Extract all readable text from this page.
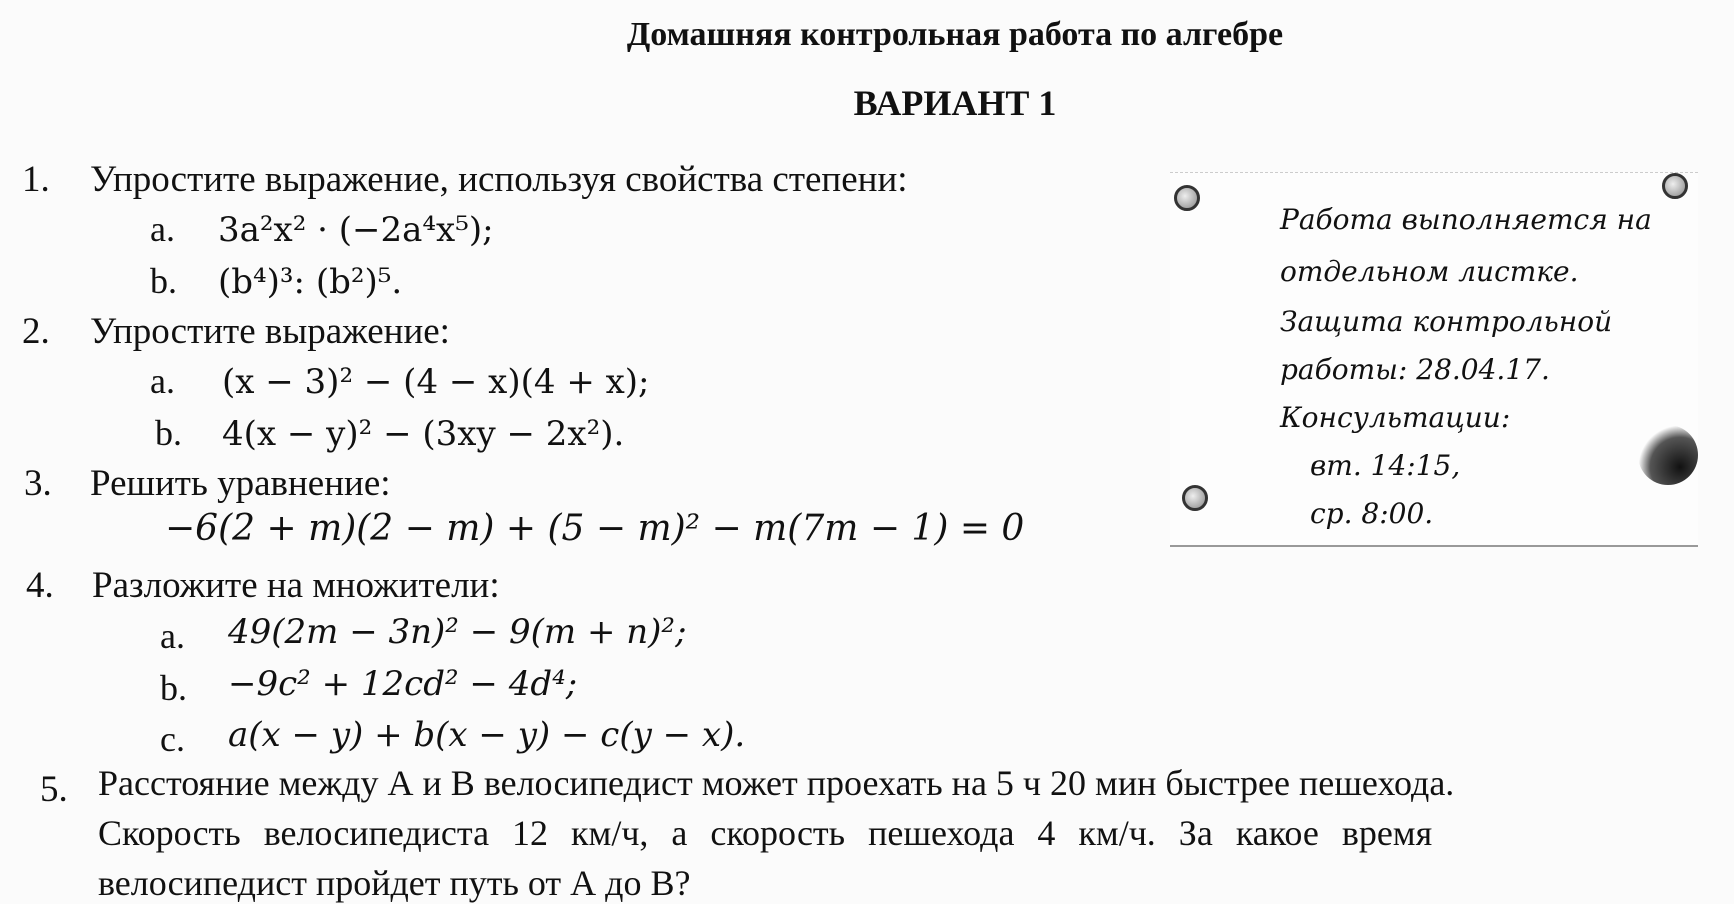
Домашняя контрольная работа по алгебре
ВАРИАНТ 1
1. Упростите выражение, используя свойства степени:
a. 3a²x² · (−2a⁴x⁵);
b. (b⁴)³: (b²)⁵.
2. Упростите выражение:
a. (x − 3)² − (4 − x)(4 + x);
b. 4(x − y)² − (3xy − 2x²).
3. Решить уравнение:
−6(2 + m)(2 − m) + (5 − m)² − m(7m − 1) = 0
4. Разложите на множители:
a. 49(2m − 3n)² − 9(m + n)²;
b. −9c² + 12cd² − 4d⁴;
c. a(x − y) + b(x − y) − c(y − x).
5. Расстояние между А и В велосипедист может проехать на 5 ч 20 мин быстрее пешехода.
Скорость велосипедиста 12 км/ч, а скорость пешехода 4 км/ч. За какое время
велосипедист пройдет путь от А до В?
Работа выполняется на
отдельном листке.
Защита контрольной
работы: 28.04.17.
Консультации:
вт. 14:15,
ср. 8:00.
